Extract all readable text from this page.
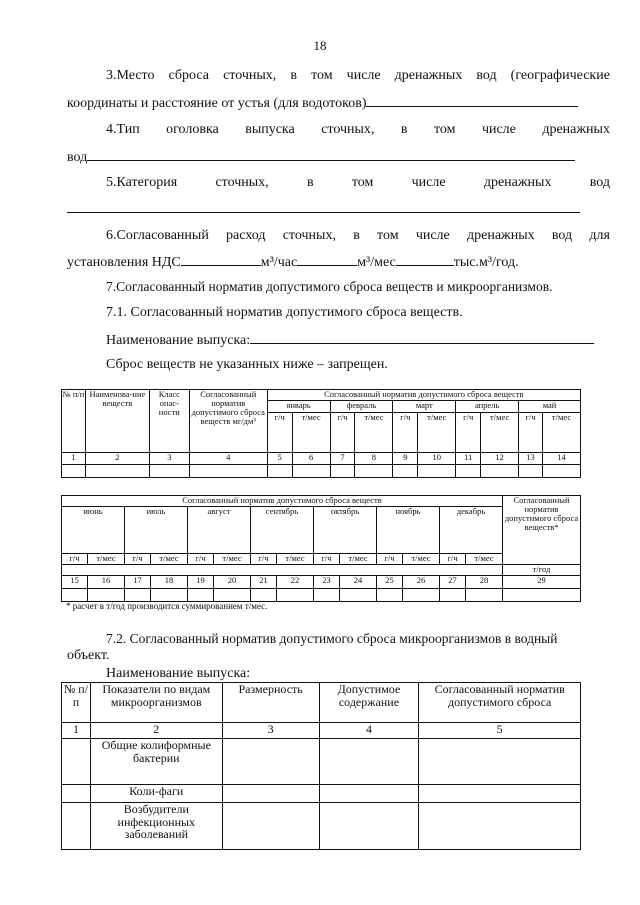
18
3.Место сброса сточных, в том числе дренажных вод (географические
координаты и расстояние от устья (для водотоков)
4.Тип оголовка выпуска сточных, в том числе дренажных
вод
5.Категория	сточных,	в	том	числе	дренажных	вод
6.Согласованный расход сточных, в том числе дренажных вод для
установления НДС	м³/час	м³/мес	тыс.м³/год.
7.Согласованный норматив допустимого сброса веществ и микроорганизмов.
7.1. Согласованный норматив допустимого сброса веществ.
Наименование выпуска:
Сброс веществ не указанных ниже – запрещен.
№ п/п	Наименова-ние веществ	Класс опас-ности	Согласованный норматив допустимого сброса веществ мг/дм³	Согласованный норматив допустимого сброса веществ									
				январь		февраль		март		апрель		май	
				г/ч	т/мес	г/ч	т/мес	г/ч	т/мес	г/ч	т/мес	г/ч	т/мес
1	2	3	4	5	6	7	8	9	10	11	12	13	14

Согласованный норматив допустимого сброса веществ														Согласованный норматив допустимого сброса веществ*
июнь		июль		август		сентябрь		октябрь		ноябрь		декабрь		
г/ч	т/мес	г/ч	т/мес	г/ч	т/мес	г/ч	т/мес	г/ч	т/мес	г/ч	т/мес	г/ч	т/мес	
														т/год
15	16	17	18	19	20	21	22	23	24	25	26	27	28	29

* расчет в т/год производится суммированием т/мес.
7.2. Согласованный норматив допустимого сброса микроорганизмов в водный
объект.
Наименование выпуска:
№ п/п	Показатели по видам микроорганизмов	Размерность	Допустимое содержание	Согласованный норматив допустимого сброса
1	2	3	4	5
	Общие колиформные бактерии			
	Коли-фаги			
	Возбудители инфекционных заболеваний			
